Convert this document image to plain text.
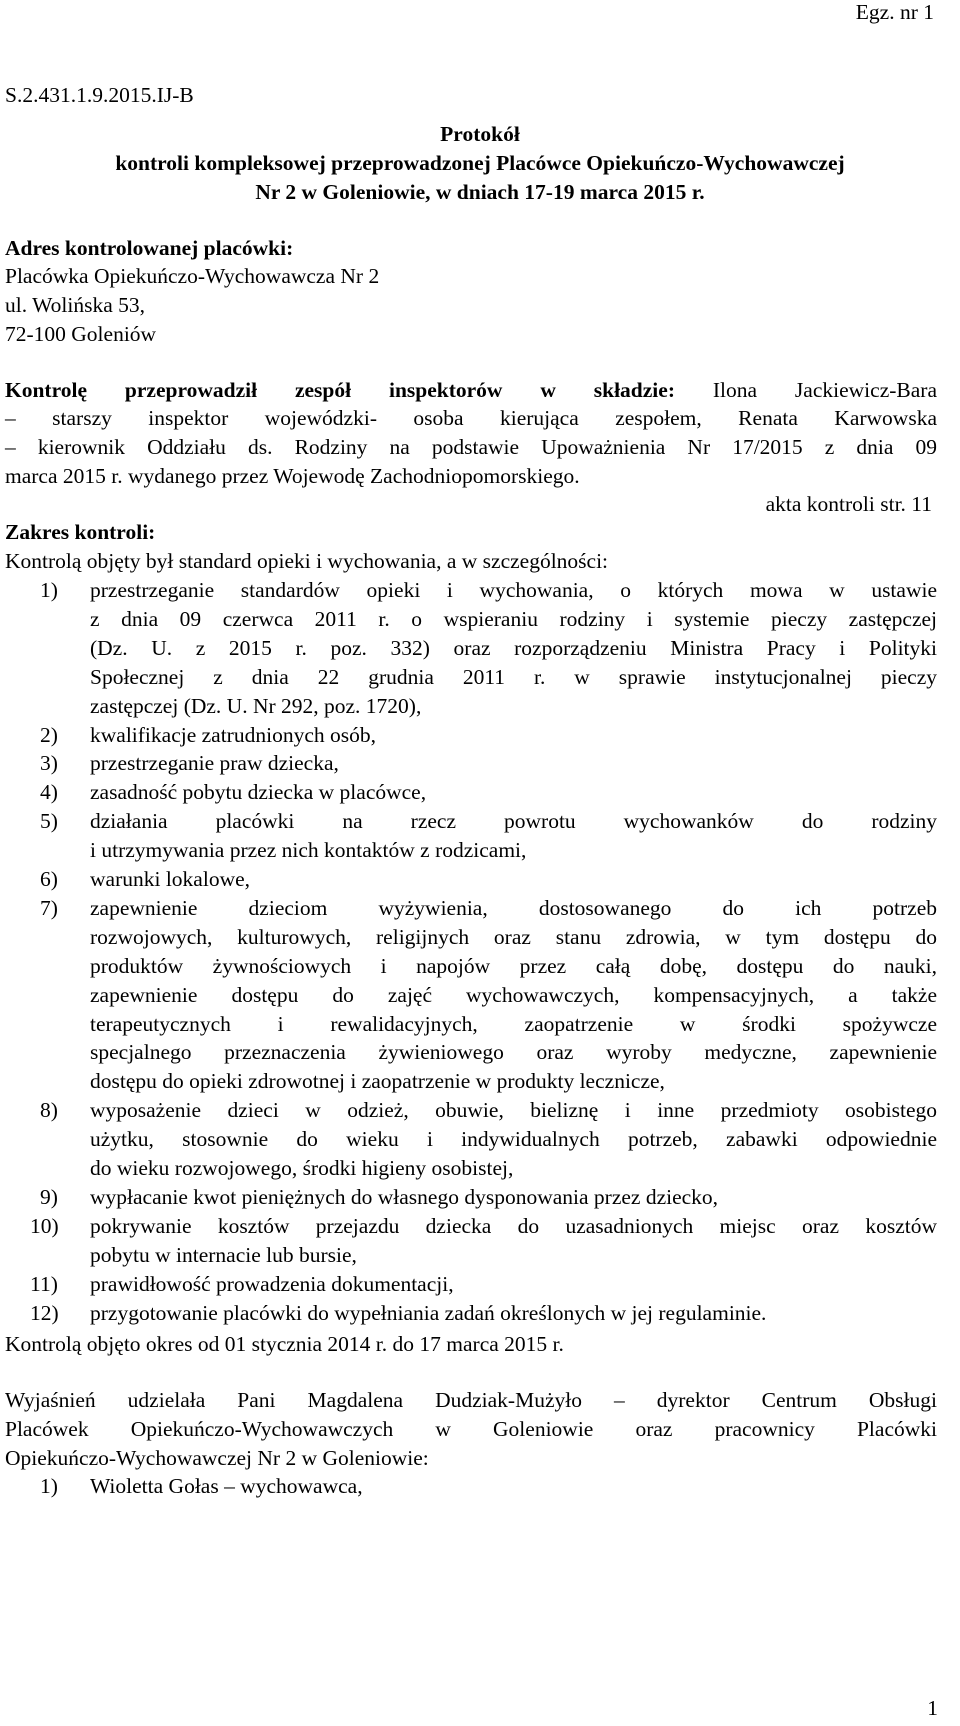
Egz. nr 1
S.2.431.1.9.2015.IJ-B
Protokół
kontroli kompleksowej przeprowadzonej Placówce Opiekuńczo-Wychowawczej
Nr 2 w Goleniowie, w dniach 17-19 marca 2015 r.
Adres kontrolowanej placówki:
Placówka Opiekuńczo-Wychowawcza Nr 2
ul. Wolińska 53,
72-100 Goleniów
Kontrolę przeprowadził zespół inspektorów w składzie: Ilona Jackiewicz-Bara
– starszy inspektor wojewódzki- osoba kierująca zespołem, Renata Karwowska
– kierownik Oddziału ds. Rodziny na podstawie Upoważnienia Nr 17/2015 z dnia 09
marca 2015 r. wydanego przez Wojewodę Zachodniopomorskiego.
akta kontroli str. 11
Zakres kontroli:
Kontrolą objęty był standard opieki i wychowania, a w szczególności:
1) przestrzeganie standardów opieki i wychowania, o których mowa w ustawie
z dnia 09 czerwca 2011 r. o wspieraniu rodziny i systemie pieczy zastępczej
(Dz. U. z 2015 r. poz. 332) oraz rozporządzeniu Ministra Pracy i Polityki
Społecznej z dnia 22 grudnia 2011 r. w sprawie instytucjonalnej pieczy
zastępczej (Dz. U. Nr 292, poz. 1720),
2) kwalifikacje zatrudnionych osób,
3) przestrzeganie praw dziecka,
4) zasadność pobytu dziecka w placówce,
5) działania placówki na rzecz powrotu wychowanków do rodziny
i utrzymywania przez nich kontaktów z rodzicami,
6) warunki lokalowe,
7) zapewnienie dzieciom wyżywienia, dostosowanego do ich potrzeb
rozwojowych, kulturowych, religijnych oraz stanu zdrowia, w tym dostępu do
produktów żywnościowych i napojów przez całą dobę, dostępu do nauki,
zapewnienie dostępu do zajęć wychowawczych, kompensacyjnych, a także
terapeutycznych i rewalidacyjnych, zaopatrzenie w środki spożywcze
specjalnego przeznaczenia żywieniowego oraz wyroby medyczne, zapewnienie
dostępu do opieki zdrowotnej i zaopatrzenie w produkty lecznicze,
8) wyposażenie dzieci w odzież, obuwie, bieliznę i inne przedmioty osobistego
użytku, stosownie do wieku i indywidualnych potrzeb, zabawki odpowiednie
do wieku rozwojowego, środki higieny osobistej,
9) wypłacanie kwot pieniężnych do własnego dysponowania przez dziecko,
10) pokrywanie kosztów przejazdu dziecka do uzasadnionych miejsc oraz kosztów
pobytu w internacie lub bursie,
11) prawidłowość prowadzenia dokumentacji,
12) przygotowanie placówki do wypełniania zadań określonych w jej regulaminie.
Kontrolą objęto okres od 01 stycznia 2014 r. do 17 marca 2015 r.
Wyjaśnień udzielała Pani Magdalena Dudziak-Mużyło – dyrektor Centrum Obsługi
Placówek Opiekuńczo-Wychowawczych w Goleniowie oraz pracownicy Placówki
Opiekuńczo-Wychowawczej Nr 2 w Goleniowie:
1) Wioletta Gołas – wychowawca,
1
